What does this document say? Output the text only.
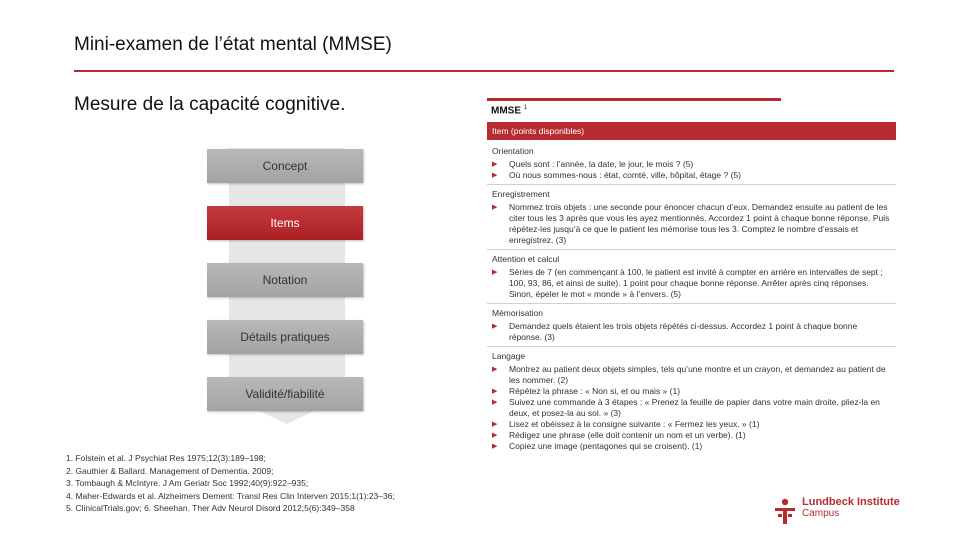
Mini-examen de l’état mental (MMSE)
Mesure de la capacité cognitive.
Concept
Items
Notation
Détails pratiques
Validité/fiabilité
1. Folstein et al. J Psychiat Res 1975;12(3):189–198;
2. Gauthier & Ballard. Management of Dementia. 2009;
3. Tombaugh & McIntyre. J Am Geriatr Soc 1992;40(9):922–935;
4. Maher-Edwards et al. Alzheimers Dement: Transl Res Clin Interven 2015;1(1):23–36;
5. ClinicalTrials.gov; 6. Sheehan. Ther Adv Neurol Disord 2012;5(6):349–358
MMSE $^1$
Item (points disponibles)
Orientation
▶	Quels sont : l’année, la date, le jour, le mois ? (5)
▶	Où nous sommes-nous : état, comté, ville, hôpital, étage ? (5)
Enregistrement
▶	Nommez trois objets : une seconde pour énoncer chacun d’eux. Demandez ensuite au patient de les citer tous les 3 après que vous les ayez mentionnés. Accordez 1 point à chaque bonne réponse. Puis répétez-les jusqu’à ce que le patient les mémorise tous les 3. Comptez le nombre d’essais et enregistrez. (3)
Attention et calcul
▶	Séries de 7 (en commençant à 100, le patient est invité à compter en arrière en intervalles de sept ; 100, 93, 86, et ainsi de suite). 1 point pour chaque bonne réponse. Arrêter après cinq réponses. Sinon, épeler le mot « monde » à l’envers. (5)
Mémorisation
▶	Demandez quels étaient les trois objets répétés ci-dessus. Accordez 1 point à chaque bonne réponse. (3)
Langage
▶	Montrez au patient deux objets simples, tels qu’une montre et un crayon, et demandez au patient de les nommer. (2)
▶	Répétez la phrase : « Non si, et ou mais » (1)
▶	Suivez une commande à 3 étapes : « Prenez la feuille de papier dans votre main droite, pliez-la en deux, et posez-la au sol. » (3)
▶	Lisez et obéissez à la consigne suivante : « Fermez les yeux. » (1)
▶	Rédigez une phrase (elle doit contenir un nom et un verbe). (1)
▶	Copiez une image (pentagones qui se croisent). (1)
Lundbeck Institute
Campus
